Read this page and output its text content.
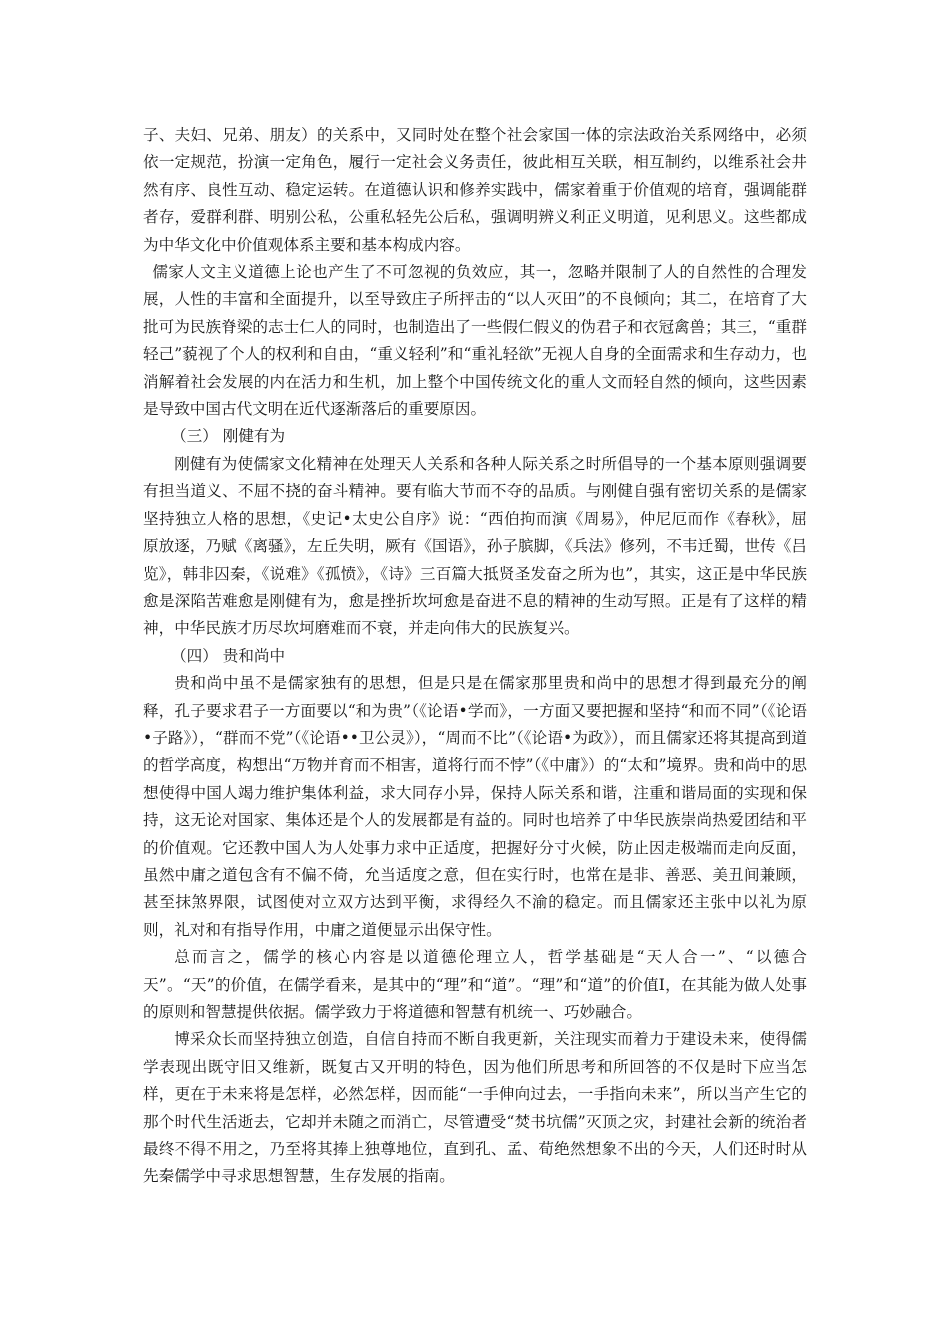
子、夫妇、兄弟、朋友）的关系中，又同时处在整个社会家国一体的宗法政治关系网络中，必须依一定规范，扮演一定角色，履行一定社会义务责任，彼此相互关联，相互制约，以维系社会井然有序、良性互动、稳定运转。在道德认识和修养实践中，儒家着重于价值观的培育，强调能群者存，爱群利群、明别公私，公重私轻先公后私，强调明辨义利正义明道，见利思义。这些都成为中华文化中价值观体系主要和基本构成内容。

儒家人文主义道德上论也产生了不可忽视的负效应，其一，忽略并限制了人的自然性的合理发展，人性的丰富和全面提升，以至导致庄子所抨击的“以人灭田”的不良倾向；其二，在培育了大批可为民族脊梁的志士仁人的同时，也制造出了一些假仁假义的伪君子和衣冠禽兽；其三，“重群轻己”藐视了个人的权利和自由，“重义轻利”和“重礼轻欲”无视人自身的全面需求和生存动力，也消解着社会发展的内在活力和生机，加上整个中国传统文化的重人文而轻自然的倾向，这些因素是导致中国古代文明在近代逐渐落后的重要原因。

（三） 刚健有为

刚健有为使儒家文化精神在处理天人关系和各种人际关系之时所倡导的一个基本原则强调要有担当道义、不屈不挠的奋斗精神。要有临大节而不夺的品质。与刚健自强有密切关系的是儒家坚持独立人格的思想，《史记•太史公自序》说：“西伯拘而演《周易》，仲尼厄而作《春秋》，屈原放逐，乃赋《离骚》，左丘失明，厥有《国语》，孙子膑脚，《兵法》修列，不韦迁蜀，世传《吕览》，韩非囚秦，《说难》《孤愤》，《诗》三百篇大抵贤圣发奋之所为也”，其实，这正是中华民族愈是深陷苦难愈是刚健有为，愈是挫折坎坷愈是奋进不息的精神的生动写照。正是有了这样的精神，中华民族才历尽坎坷磨难而不衰，并走向伟大的民族复兴。

（四） 贵和尚中

贵和尚中虽不是儒家独有的思想，但是只是在儒家那里贵和尚中的思想才得到最充分的阐释，孔子要求君子一方面要以“和为贵”（《论语•学而》，一方面又要把握和坚持“和而不同”（《论语•子路》），“群而不党”（《论语••卫公灵》），“周而不比”（《论语•为政》），而且儒家还将其提高到道的哲学高度，构想出“万物并育而不相害，道将行而不悖”（《中庸》）的“太和”境界。贵和尚中的思想使得中国人竭力维护集体利益，求大同存小异，保持人际关系和谐，注重和谐局面的实现和保持，这无论对国家、集体还是个人的发展都是有益的。同时也培养了中华民族崇尚热爱团结和平的价值观。它还教中国人为人处事力求中正适度，把握好分寸火候，防止因走极端而走向反面，虽然中庸之道包含有不偏不倚，允当适度之意，但在实行时，也常在是非、善恶、美丑间兼顾，甚至抹煞界限，试图使对立双方达到平衡，求得经久不渝的稳定。而且儒家还主张中以礼为原则，礼对和有指导作用，中庸之道便显示出保守性。

总而言之，儒学的核心内容是以道德伦理立人，哲学基础是“天人合一”、“以德合天”。“天”的价值，在儒学看来，是其中的“理”和“道”。“理”和“道”的价值I，在其能为做人处事的原则和智慧提供依据。儒学致力于将道德和智慧有机统一、巧妙融合。

博采众长而坚持独立创造，自信自持而不断自我更新，关注现实而着力于建设未来，使得儒学表现出既守旧又维新，既复古又开明的特色，因为他们所思考和所回答的不仅是时下应当怎样，更在于未来将是怎样，必然怎样，因而能“一手伸向过去，一手指向未来”，所以当产生它的那个时代生活逝去，它却并未随之而消亡，尽管遭受“焚书坑儒”灭顶之灾，封建社会新的统治者最终不得不用之，乃至将其捧上独尊地位，直到孔、孟、荀绝然想象不出的今天，人们还时时从先秦儒学中寻求思想智慧，生存发展的指南。
